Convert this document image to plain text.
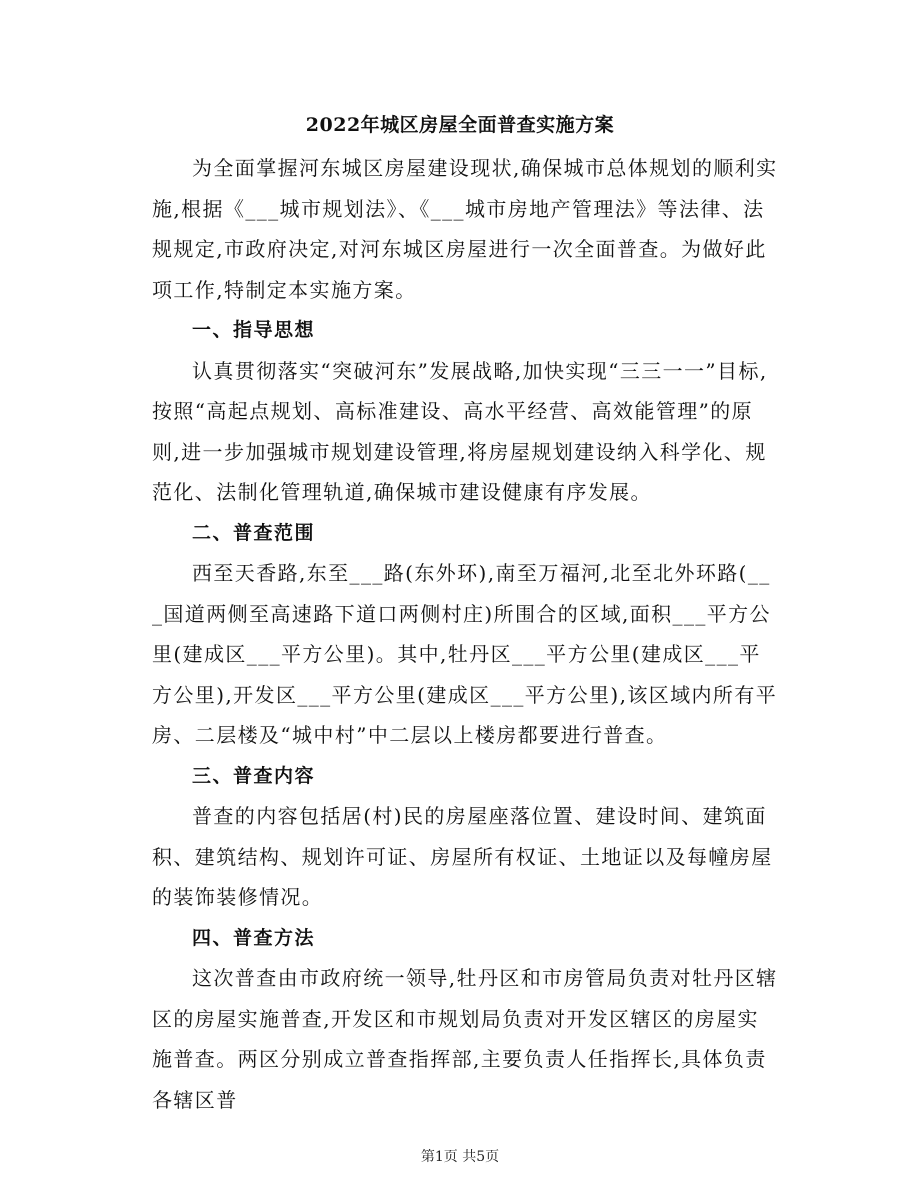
2022年城区房屋全面普查实施方案

为全面掌握河东城区房屋建设现状,确保城市总体规划的顺利实施,根据《___城市规划法》、《___城市房地产管理法》等法律、法规规定,市政府决定,对河东城区房屋进行一次全面普查。为做好此项工作,特制定本实施方案。

一、指导思想

认真贯彻落实“突破河东”发展战略,加快实现“三三一一”目标,按照“高起点规划、高标准建设、高水平经营、高效能管理”的原则,进一步加强城市规划建设管理,将房屋规划建设纳入科学化、规范化、法制化管理轨道,确保城市建设健康有序发展。

二、普查范围

西至天香路,东至___路(东外环),南至万福河,北至北外环路(___国道两侧至高速路下道口两侧村庄)所围合的区域,面积___平方公里(建成区___平方公里)。其中,牡丹区___平方公里(建成区___平方公里),开发区___平方公里(建成区___平方公里),该区域内所有平房、二层楼及“城中村”中二层以上楼房都要进行普查。

三、普查内容

普查的内容包括居(村)民的房屋座落位置、建设时间、建筑面积、建筑结构、规划许可证、房屋所有权证、土地证以及每幢房屋的装饰装修情况。

四、普查方法

这次普查由市政府统一领导,牡丹区和市房管局负责对牡丹区辖区的房屋实施普查,开发区和市规划局负责对开发区辖区的房屋实施普查。两区分别成立普查指挥部,主要负责人任指挥长,具体负责各辖区普

第1页 共5页
